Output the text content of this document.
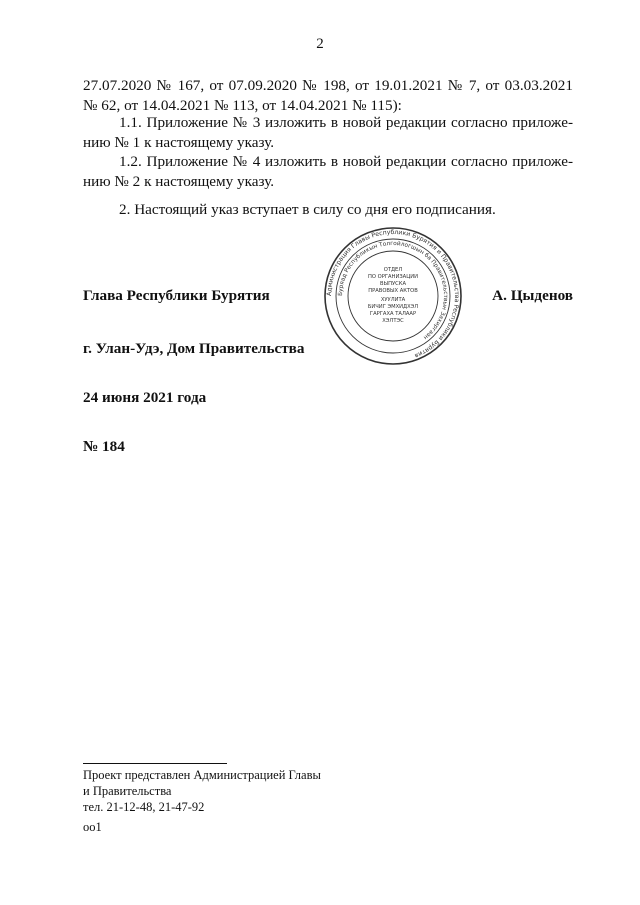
2

27.07.2020 № 167, от 07.09.2020 № 198, от 19.01.2021 № 7, от 03.03.2021

№ 62, от 14.04.2021 № 113, от 14.04.2021 № 115):

1.1. Приложение № 3 изложить в новой редакции согласно приложе-

нию № 1 к настоящему указу.

1.2. Приложение № 4 изложить в новой редакции согласно приложе-

нию № 2 к настоящему указу.

2. Настоящий указ вступает в силу со дня его подписания.

Глава Республики Бурятия	А. Цыденов
Администрация Главы Республики Бурятия и Правительства Республики Бурятия
Буряад Республикын Толгойлогшын ба Правительствын Захиргаан
ОТДЕЛ
ПО ОРГАНИЗАЦИИ
ВЫПУСКА
ПРАВОВЫХ АКТОВ
ХУУЛИТА
БИЧИГ ЭМХИДХЭЛ
ГАРГАХА ТАЛААР
ХЭЛТЭС
г. Улан-Удэ, Дом Правительства
24 июня 2021 года
№ 184
Проект представлен Администрацией Главы
и Правительства
тел. 21-12-48, 21-47-92
оо1
